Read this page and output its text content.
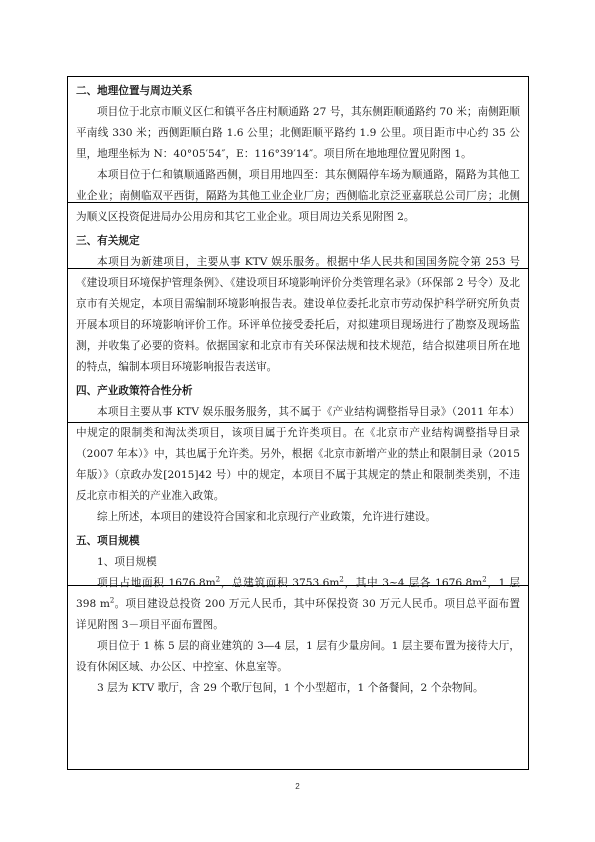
二、地理位置与周边关系

项目位于北京市顺义区仁和镇平各庄村顺通路 27 号，其东侧距顺通路约 70 米；南侧距顺平南线 330 米；西侧距顺白路 1.6 公里；北侧距顺平路约 1.9 公里。项目距市中心约 35 公里，地理坐标为 N：40°05′54″，E：116°39′14″。项目所在地地理位置见附图 1。

本项目位于仁和镇顺通路西侧，项目用地四至：其东侧隔停车场为顺通路，隔路为其他工业企业；南侧临双平西街，隔路为其他工业企业厂房；西侧临北京泛亚嘉联总公司厂房；北侧为顺义区投资促进局办公用房和其它工业企业。项目周边关系见附图 2。

三、有关规定

本项目为新建项目，主要从事 KTV 娱乐服务。根据中华人民共和国国务院令第 253 号《建设项目环境保护管理条例》、《建设项目环境影响评价分类管理名录》（环保部 2 号令）及北京市有关规定，本项目需编制环境影响报告表。建设单位委托北京市劳动保护科学研究所负责开展本项目的环境影响评价工作。环评单位接受委托后，对拟建项目现场进行了勘察及现场监测，并收集了必要的资料。依据国家和北京市有关环保法规和技术规范，结合拟建项目所在地的特点，编制本项目环境影响报告表送审。

四、产业政策符合性分析

本项目主要从事 KTV 娱乐服务服务，其不属于《产业结构调整指导目录》（2011 年本）中规定的限制类和淘汰类项目，该项目属于允许类项目。在《北京市产业结构调整指导目录（2007 年本）》中，其也属于允许类。另外，根据《北京市新增产业的禁止和限制目录（2015 年版）》（京政办发[2015]42 号）中的规定，本项目不属于其规定的禁止和限制类类别，不违反北京市相关的产业准入政策。

综上所述，本项目的建设符合国家和北京现行产业政策，允许进行建设。

五、项目规模

1、项目规模

项目占地面积 $1676.8m^2$，总建筑面积 $3753.6m^2$，其中 3~4 层各 $1676.8m^2$，1 层 398 $m^2$。项目建设总投资 200 万元人民币，其中环保投资 30 万元人民币。项目总平面布置详见附图 3－项目平面布置图。

项目位于 1 栋 5 层的商业建筑的 3—4 层，1 层有少量房间。1 层主要布置为接待大厅，设有休闲区域、办公区、中控室、休息室等。

3 层为 KTV 歌厅，含 29 个歌厅包间，1 个小型超市，1 个备餐间，2 个杂物间。

2
